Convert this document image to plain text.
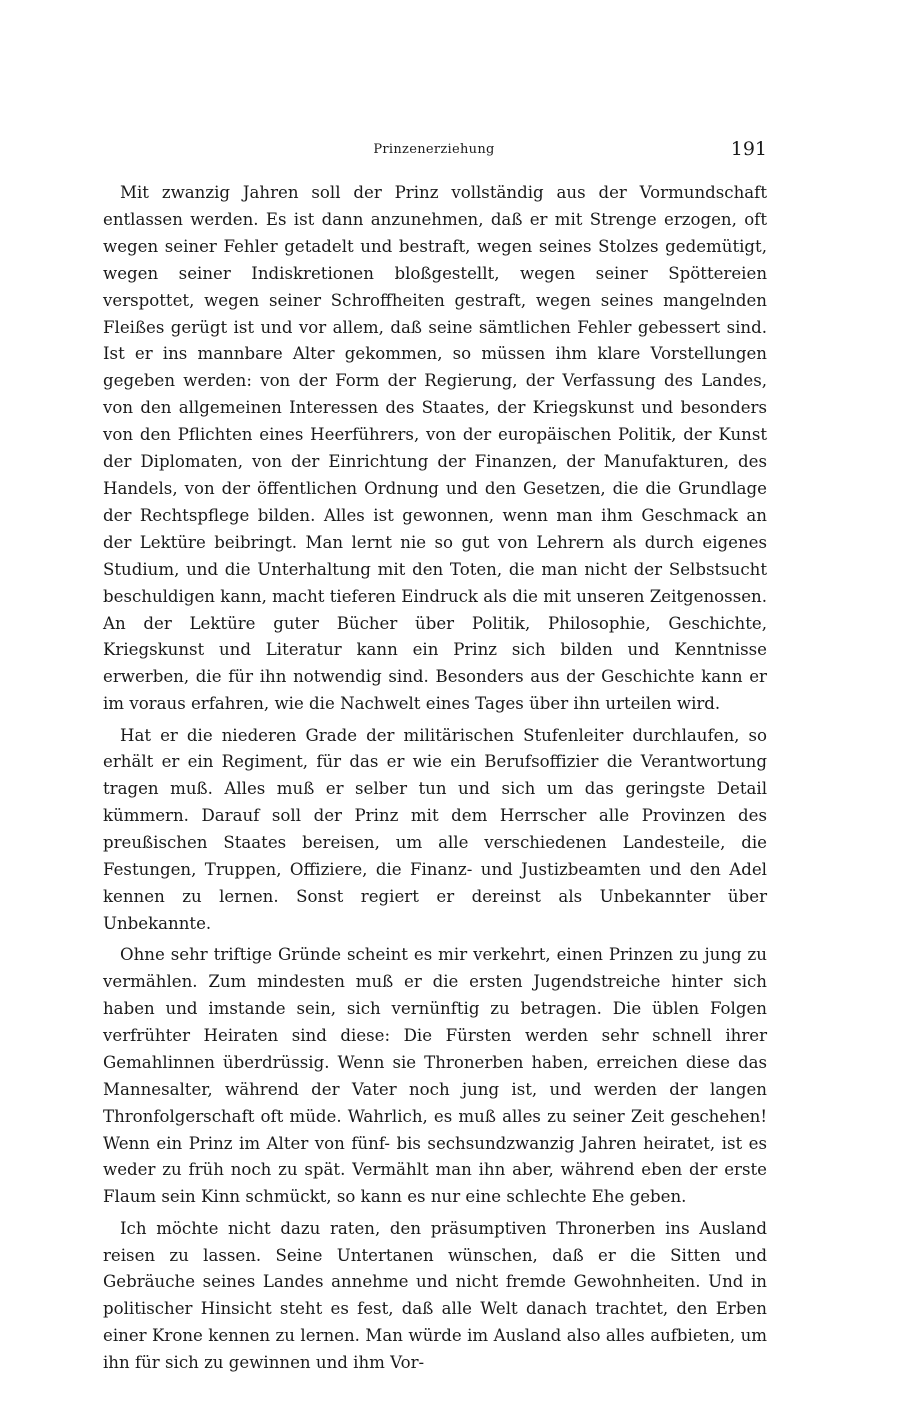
Prinzenerziehung	191

Mit zwanzig Jahren soll der Prinz vollständig aus der Vormundschaft entlassen werden. Es ist dann anzunehmen, daß er mit Strenge erzogen, oft wegen seiner Fehler getadelt und bestraft, wegen seines Stolzes gedemütigt, wegen seiner Indiskretionen bloßgestellt, wegen seiner Spöttereien verspottet, wegen seiner Schroffheiten gestraft, wegen seines mangelnden Fleißes gerügt ist und vor allem, daß seine sämtlichen Fehler gebessert sind. Ist er ins mannbare Alter gekommen, so müssen ihm klare Vorstellungen gegeben werden: von der Form der Regierung, der Verfassung des Landes, von den allgemeinen Interessen des Staates, der Kriegskunst und besonders von den Pflichten eines Heerführers, von der europäischen Politik, der Kunst der Diplomaten, von der Einrichtung der Finanzen, der Manufakturen, des Handels, von der öffentlichen Ordnung und den Gesetzen, die die Grundlage der Rechtspflege bilden. Alles ist gewonnen, wenn man ihm Geschmack an der Lektüre beibringt. Man lernt nie so gut von Lehrern als durch eigenes Studium, und die Unterhaltung mit den Toten, die man nicht der Selbstsucht beschuldigen kann, macht tieferen Eindruck als die mit unseren Zeitgenossen. An der Lektüre guter Bücher über Politik, Philosophie, Geschichte, Kriegskunst und Literatur kann ein Prinz sich bilden und Kenntnisse erwerben, die für ihn notwendig sind. Besonders aus der Geschichte kann er im voraus erfahren, wie die Nachwelt eines Tages über ihn urteilen wird.

Hat er die niederen Grade der militärischen Stufenleiter durchlaufen, so erhält er ein Regiment, für das er wie ein Berufsoffizier die Verantwortung tragen muß. Alles muß er selber tun und sich um das geringste Detail kümmern. Darauf soll der Prinz mit dem Herrscher alle Provinzen des preußischen Staates bereisen, um alle verschiedenen Landesteile, die Festungen, Truppen, Offiziere, die Finanz- und Justizbeamten und den Adel kennen zu lernen. Sonst regiert er dereinst als Unbekannter über Unbekannte.

Ohne sehr triftige Gründe scheint es mir verkehrt, einen Prinzen zu jung zu vermählen. Zum mindesten muß er die ersten Jugendstreiche hinter sich haben und imstande sein, sich vernünftig zu betragen. Die üblen Folgen verfrühter Heiraten sind diese: Die Fürsten werden sehr schnell ihrer Gemahlinnen überdrüssig. Wenn sie Thronerben haben, erreichen diese das Mannesalter, während der Vater noch jung ist, und werden der langen Thronfolgerschaft oft müde. Wahrlich, es muß alles zu seiner Zeit geschehen! Wenn ein Prinz im Alter von fünf- bis sechsundzwanzig Jahren heiratet, ist es weder zu früh noch zu spät. Vermählt man ihn aber, während eben der erste Flaum sein Kinn schmückt, so kann es nur eine schlechte Ehe geben.

Ich möchte nicht dazu raten, den präsumptiven Thronerben ins Ausland reisen zu lassen. Seine Untertanen wünschen, daß er die Sitten und Gebräuche seines Landes annehme und nicht fremde Gewohnheiten. Und in politischer Hinsicht steht es fest, daß alle Welt danach trachtet, den Erben einer Krone kennen zu lernen. Man würde im Ausland also alles aufbieten, um ihn für sich zu gewinnen und ihm Vor-
